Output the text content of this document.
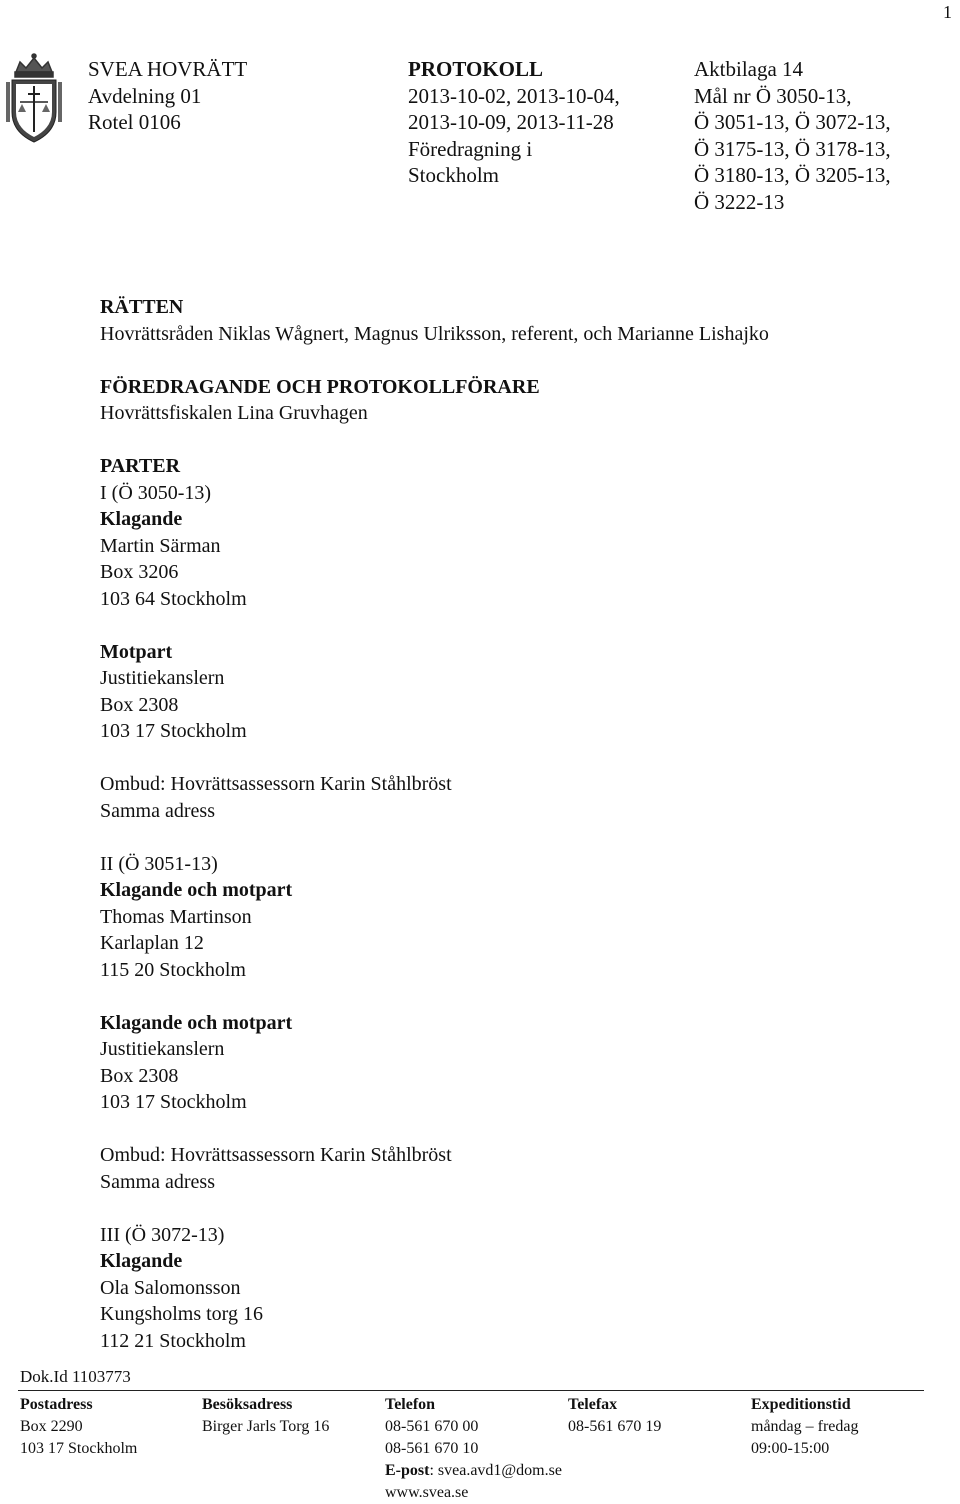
1
SVEA HOVRÄTT
Avdelning 01
Rotel 0106
PROTOKOLL
2013-10-02, 2013-10-04,
2013-10-09, 2013-11-28
Föredragning i
Stockholm
Aktbilaga 14
Mål nr Ö 3050-13,
Ö 3051-13, Ö 3072-13,
Ö 3175-13, Ö 3178-13,
Ö 3180-13, Ö 3205-13,
Ö 3222-13
RÄTTEN
Hovrättsråden Niklas Wågnert, Magnus Ulriksson, referent, och Marianne Lishajko
FÖREDRAGANDE OCH PROTOKOLLFÖRARE
Hovrättsfiskalen Lina Gruvhagen
PARTER
I (Ö 3050-13)
Klagande
Martin Särman
Box 3206
103 64 Stockholm
Motpart
Justitiekanslern
Box 2308
103 17 Stockholm
Ombud: Hovrättsassessorn Karin Ståhlbröst
Samma adress
II (Ö 3051-13)
Klagande och motpart
Thomas Martinson
Karlaplan 12
115 20 Stockholm
Klagande och motpart
Justitiekanslern
Box 2308
103 17 Stockholm
Ombud: Hovrättsassessorn Karin Ståhlbröst
Samma adress
III (Ö 3072-13)
Klagande
Ola Salomonsson
Kungsholms torg 16
112 21 Stockholm
Dok.Id 1103773
Postadress
Box 2290
103 17 Stockholm
Besöksadress
Birger Jarls Torg 16
Telefon
08-561 670 00
08-561 670 10
E-post: svea.avd1@dom.se
www.svea.se
Telefax
08-561 670 19
Expeditionstid
måndag – fredag
09:00-15:00
